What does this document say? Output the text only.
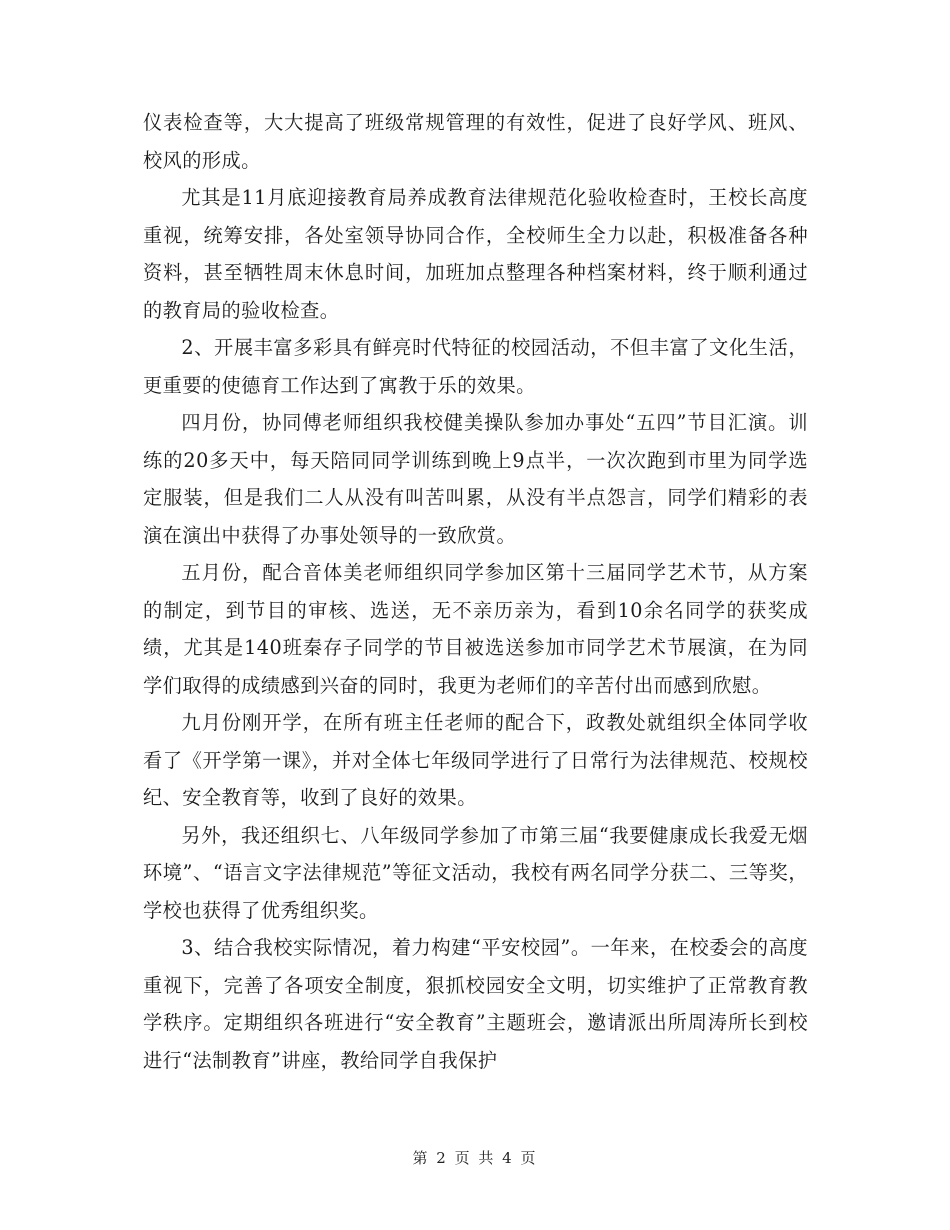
仪表检查等，大大提高了班级常规管理的有效性，促进了良好学风、班风、校风的形成。

尤其是11月底迎接教育局养成教育法律规范化验收检查时，王校长高度重视，统筹安排，各处室领导协同合作，全校师生全力以赴，积极准备各种资料，甚至牺牲周末休息时间，加班加点整理各种档案材料，终于顺利通过的教育局的验收检查。

2、开展丰富多彩具有鲜亮时代特征的校园活动，不但丰富了文化生活，更重要的使德育工作达到了寓教于乐的效果。

四月份，协同傅老师组织我校健美操队参加办事处“五四”节目汇演。训练的20多天中，每天陪同同学训练到晚上9点半，一次次跑到市里为同学选定服装，但是我们二人从没有叫苦叫累，从没有半点怨言，同学们精彩的表演在演出中获得了办事处领导的一致欣赏。

五月份，配合音体美老师组织同学参加区第十三届同学艺术节，从方案的制定，到节目的审核、选送，无不亲历亲为，看到10余名同学的获奖成绩，尤其是140班秦存子同学的节目被选送参加市同学艺术节展演，在为同学们取得的成绩感到兴奋的同时，我更为老师们的辛苦付出而感到欣慰。

九月份刚开学，在所有班主任老师的配合下，政教处就组织全体同学收看了《开学第一课》，并对全体七年级同学进行了日常行为法律规范、校规校纪、安全教育等，收到了良好的效果。

另外，我还组织七、八年级同学参加了市第三届“我要健康成长我爱无烟环境”、“语言文字法律规范”等征文活动，我校有两名同学分获二、三等奖，学校也获得了优秀组织奖。

3、结合我校实际情况，着力构建“平安校园”。一年来，在校委会的高度重视下，完善了各项安全制度，狠抓校园安全文明，切实维护了正常教育教学秩序。定期组织各班进行“安全教育”主题班会，邀请派出所周涛所长到校进行“法制教育”讲座，教给同学自我保护

第 2 页 共 4 页
